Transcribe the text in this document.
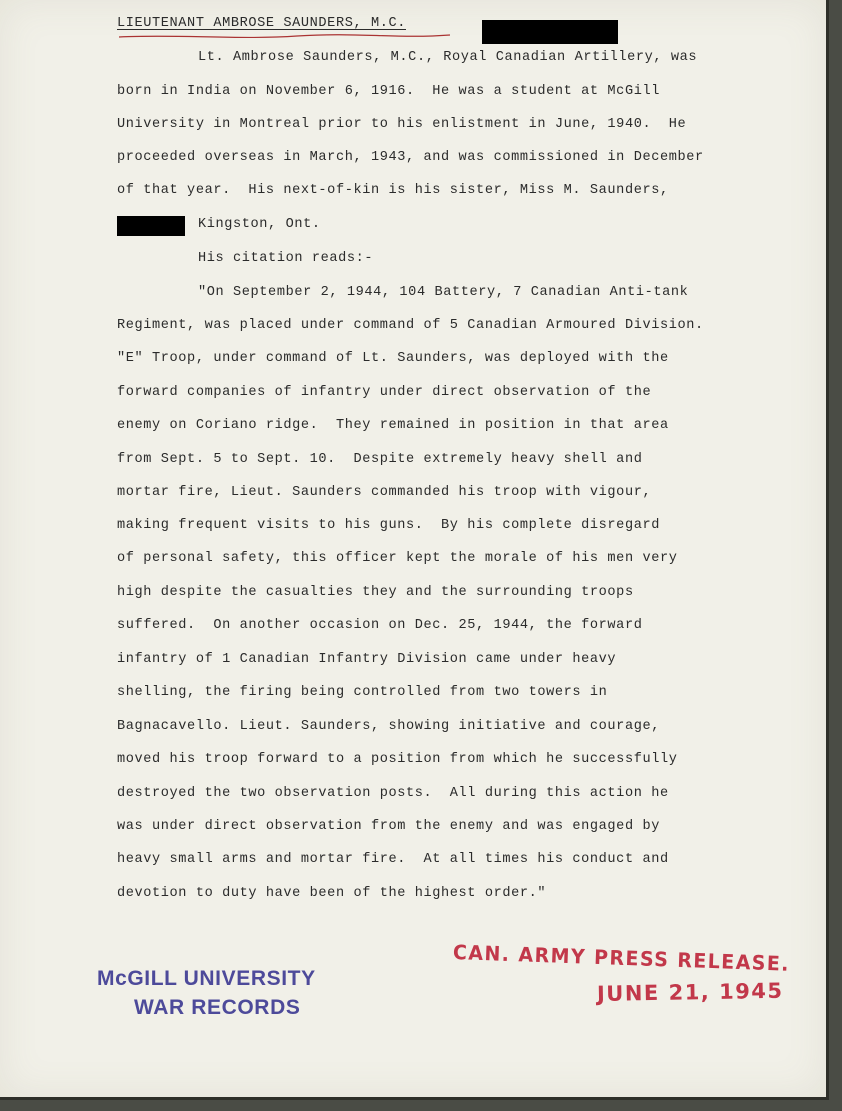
LIEUTENANT AMBROSE SAUNDERS, M.C.
Lt. Ambrose Saunders, M.C., Royal Canadian Artillery, was
born in India on November 6, 1916.  He was a student at McGill
University in Montreal prior to his enlistment in June, 1940.  He
proceeded overseas in March, 1943, and was commissioned in December
of that year.  His next-of-kin is his sister, Miss M. Saunders,
Kingston, Ont.
His citation reads:-
"On September 2, 1944, 104 Battery, 7 Canadian Anti-tank
Regiment, was placed under command of 5 Canadian Armoured Division.
"E" Troop, under command of Lt. Saunders, was deployed with the
forward companies of infantry under direct observation of the
enemy on Coriano ridge.  They remained in position in that area
from Sept. 5 to Sept. 10.  Despite extremely heavy shell and
mortar fire, Lieut. Saunders commanded his troop with vigour,
making frequent visits to his guns.  By his complete disregard
of personal safety, this officer kept the morale of his men very
high despite the casualties they and the surrounding troops
suffered.  On another occasion on Dec. 25, 1944, the forward
infantry of 1 Canadian Infantry Division came under heavy
shelling, the firing being controlled from two towers in
Bagnacavello. Lieut. Saunders, showing initiative and courage,
moved his troop forward to a position from which he successfully
destroyed the two observation posts.  All during this action he
was under direct observation from the enemy and was engaged by
heavy small arms and mortar fire.  At all times his conduct and
devotion to duty have been of the highest order."
McGILL UNIVERSITY
WAR RECORDS
CAN. ARMY PRESS RELEASE.
JUNE 21, 1945
